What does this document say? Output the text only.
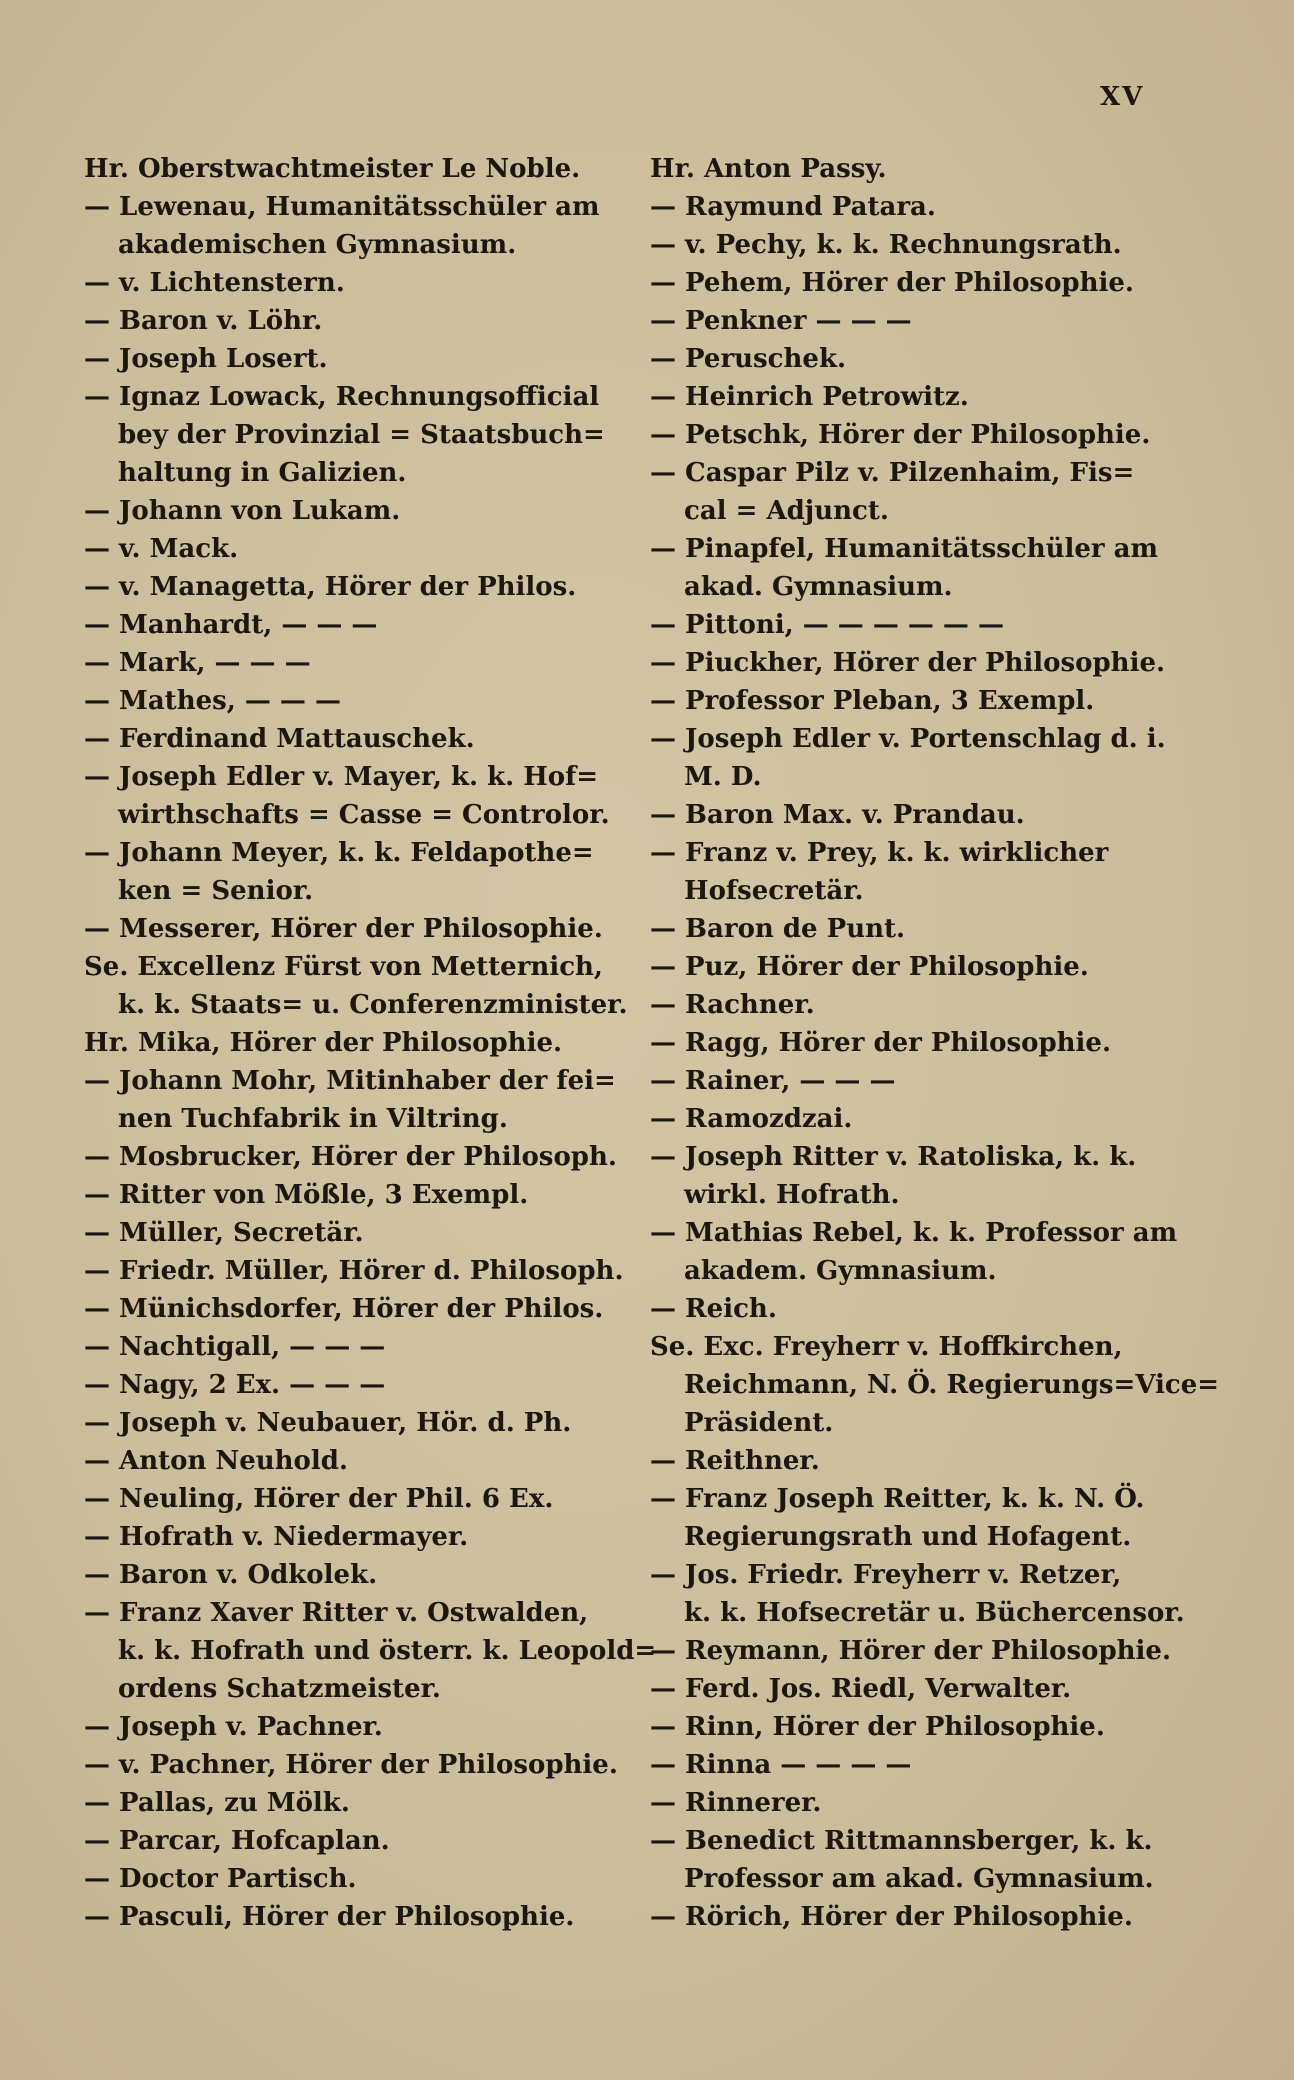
XV
Hr. Oberstwachtmeister Le Noble.
— Lewenau, Humanitätsschüler am
akademischen Gymnasium.
— v. Lichtenstern.
— Baron v. Löhr.
— Joseph Losert.
— Ignaz Lowack, Rechnungsofficial
bey der Provinzial = Staatsbuch=
haltung in Galizien.
— Johann von Lukam.
— v. Mack.
— v. Managetta, Hörer der Philos.
— Manhardt, — — —
— Mark, — — —
— Mathes, — — —
— Ferdinand Mattauschek.
— Joseph Edler v. Mayer, k. k. Hof=
wirthschafts = Casse = Controlor.
— Johann Meyer, k. k. Feldapothe=
ken = Senior.
— Messerer, Hörer der Philosophie.
Se. Excellenz Fürst von Metternich,
k. k. Staats= u. Conferenzminister.
Hr. Mika, Hörer der Philosophie.
— Johann Mohr, Mitinhaber der fei=
nen Tuchfabrik in Viltring.
— Mosbrucker, Hörer der Philosoph.
— Ritter von Mößle, 3 Exempl.
— Müller, Secretär.
— Friedr. Müller, Hörer d. Philosoph.
— Münichsdorfer, Hörer der Philos.
— Nachtigall, — — —
— Nagy, 2 Ex. — — —
— Joseph v. Neubauer, Hör. d. Ph.
— Anton Neuhold.
— Neuling, Hörer der Phil. 6 Ex.
— Hofrath v. Niedermayer.
— Baron v. Odkolek.
— Franz Xaver Ritter v. Ostwalden,
k. k. Hofrath und österr. k. Leopold=
ordens Schatzmeister.
— Joseph v. Pachner.
— v. Pachner, Hörer der Philosophie.
— Pallas, zu Mölk.
— Parcar, Hofcaplan.
— Doctor Partisch.
— Pasculi, Hörer der Philosophie.
Hr. Anton Passy.
— Raymund Patara.
— v. Pechy, k. k. Rechnungsrath.
— Pehem, Hörer der Philosophie.
— Penkner — — —
— Peruschek.
— Heinrich Petrowitz.
— Petschk, Hörer der Philosophie.
— Caspar Pilz v. Pilzenhaim, Fis=
cal = Adjunct.
— Pinapfel, Humanitätsschüler am
akad. Gymnasium.
— Pittoni, — — — — — —
— Piuckher, Hörer der Philosophie.
— Professor Pleban, 3 Exempl.
— Joseph Edler v. Portenschlag d. i.
M. D.
— Baron Max. v. Prandau.
— Franz v. Prey, k. k. wirklicher
Hofsecretär.
— Baron de Punt.
— Puz, Hörer der Philosophie.
— Rachner.
— Ragg, Hörer der Philosophie.
— Rainer, — — —
— Ramozdzai.
— Joseph Ritter v. Ratoliska, k. k.
wirkl. Hofrath.
— Mathias Rebel, k. k. Professor am
akadem. Gymnasium.
— Reich.
Se. Exc. Freyherr v. Hoffkirchen,
Reichmann, N. Ö. Regierungs=Vice=
Präsident.
— Reithner.
— Franz Joseph Reitter, k. k. N. Ö.
Regierungsrath und Hofagent.
— Jos. Friedr. Freyherr v. Retzer,
k. k. Hofsecretär u. Büchercensor.
— Reymann, Hörer der Philosophie.
— Ferd. Jos. Riedl, Verwalter.
— Rinn, Hörer der Philosophie.
— Rinna — — — —
— Rinnerer.
— Benedict Rittmannsberger, k. k.
Professor am akad. Gymnasium.
— Rörich, Hörer der Philosophie.
